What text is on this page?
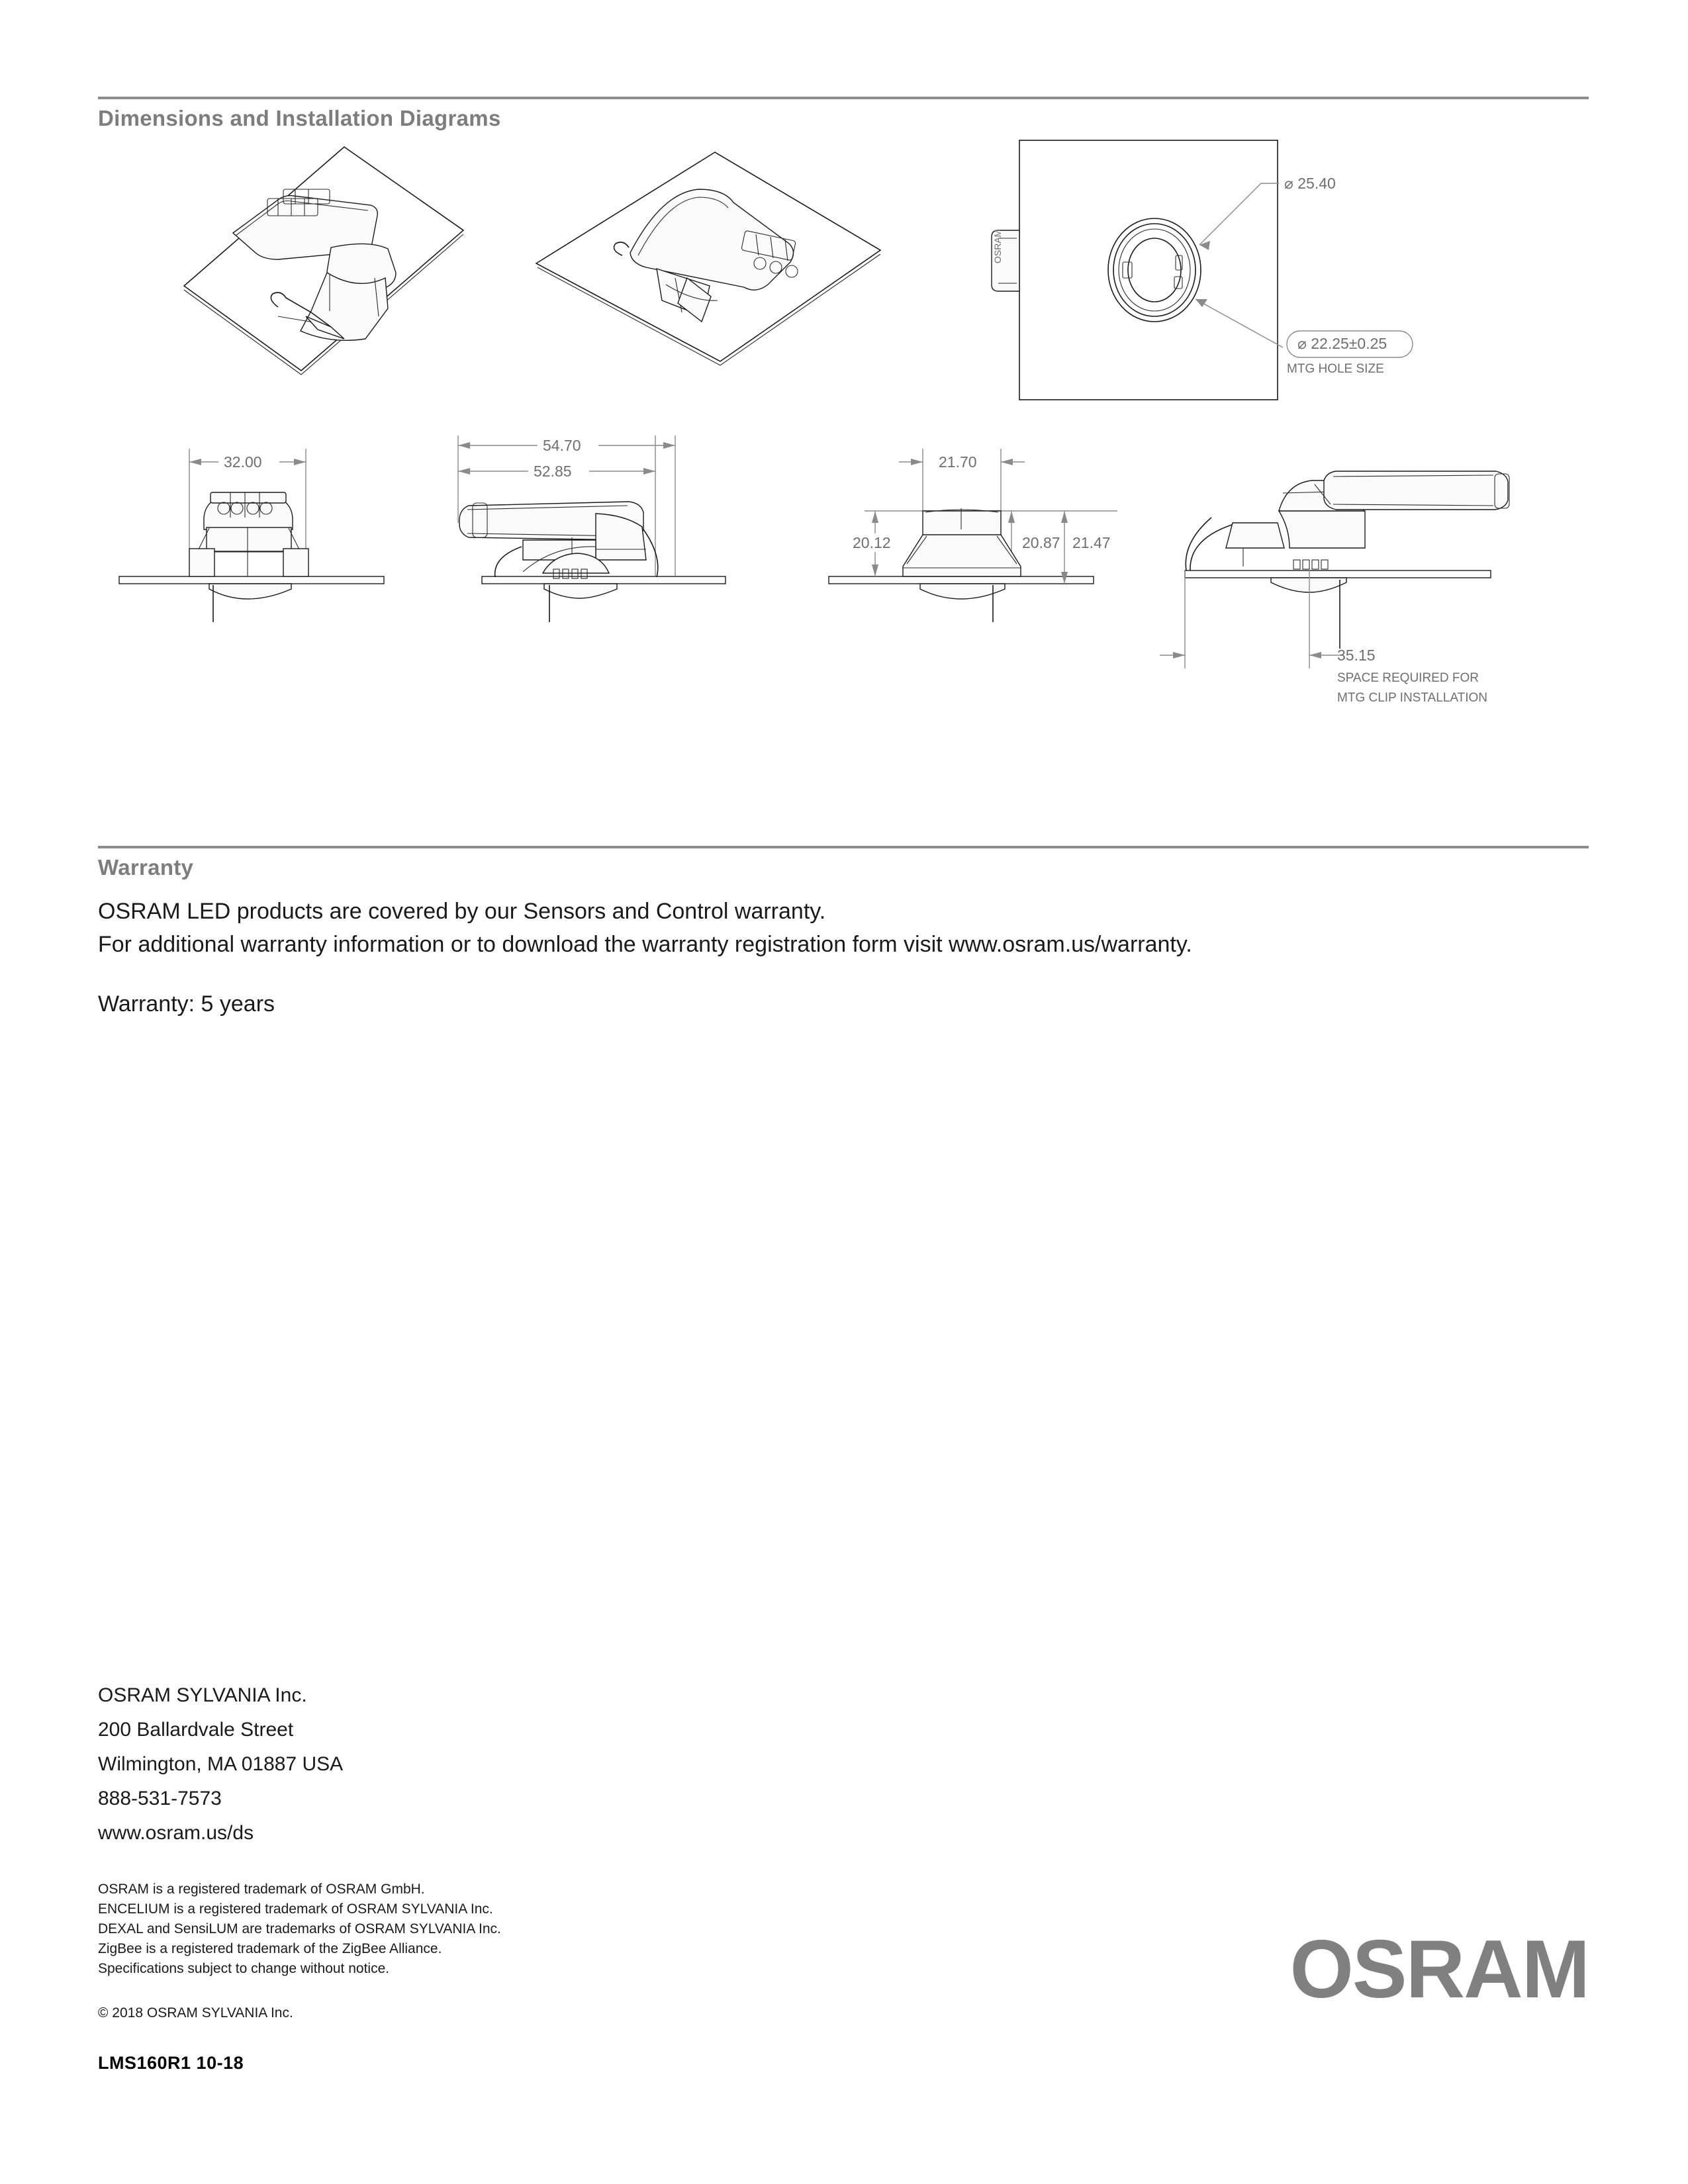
Dimensions and Installation Diagrams
OSRAM
⌀ 25.40
⌀ 22.25±0.25
MTG HOLE SIZE
32.00
54.70
52.85
21.70
20.12	20.87 21.47
35.15
SPACE REQUIRED FOR
MTG CLIP INSTALLATION
Warranty
OSRAM LED products are covered by our Sensors and Control warranty.
For additional warranty information or to download the warranty registration form visit www.osram.us/warranty.
Warranty: 5 years
OSRAM SYLVANIA Inc.
200 Ballardvale Street
Wilmington, MA 01887 USA
888-531-7573
www.osram.us/ds
OSRAM is a registered trademark of OSRAM GmbH.
ENCELIUM is a registered trademark of OSRAM SYLVANIA Inc.
DEXAL and SensiLUM are trademarks of OSRAM SYLVANIA Inc.
ZigBee is a registered trademark of the ZigBee Alliance.
Specifications subject to change without notice.
© 2018 OSRAM SYLVANIA Inc.
LMS160R1 10-18
OSRAM
